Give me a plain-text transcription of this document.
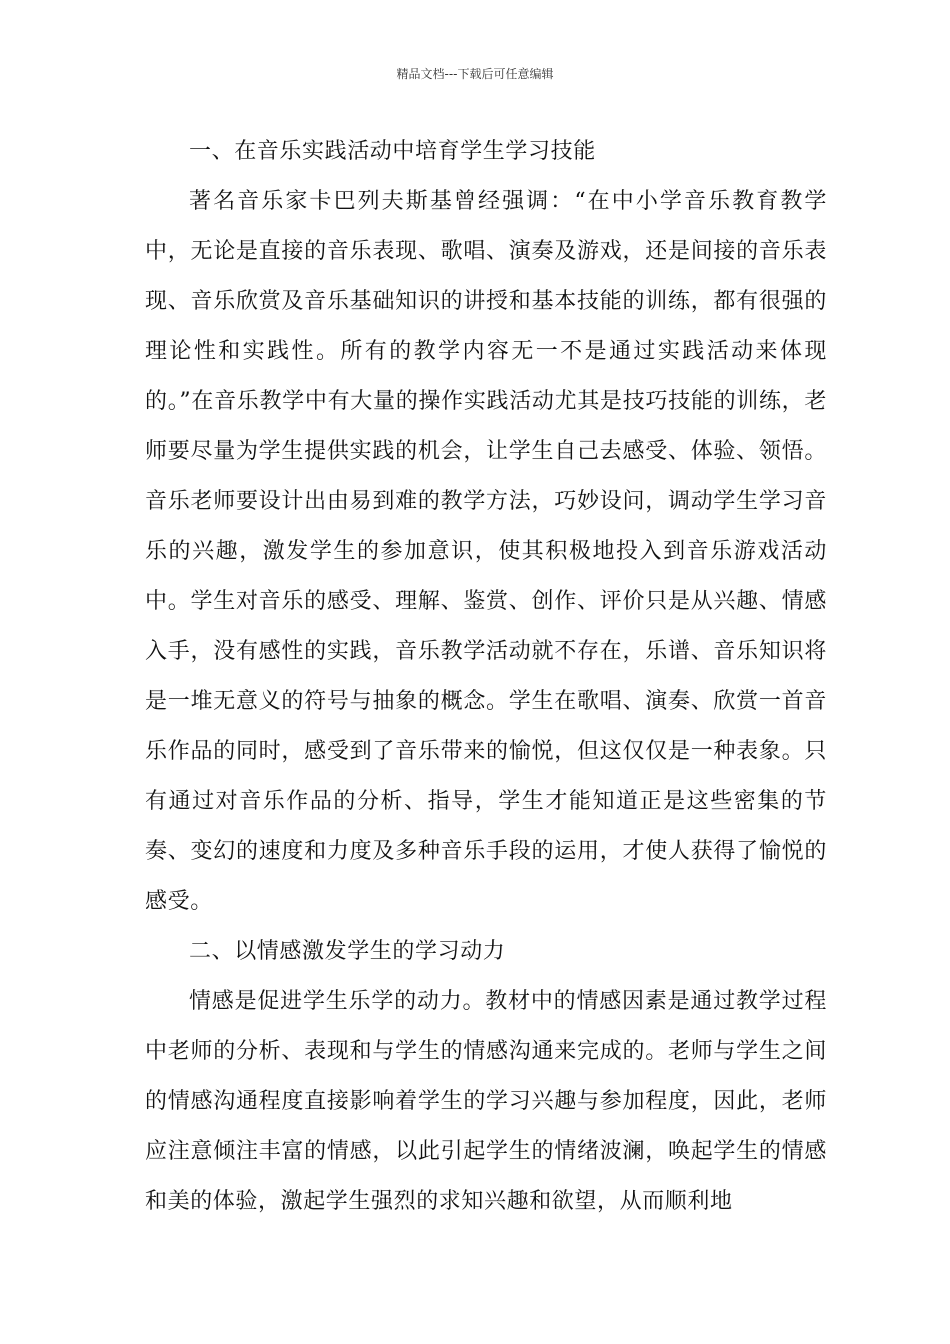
精品文档---下载后可任意编辑

一、在音乐实践活动中培育学生学习技能

著名音乐家卡巴列夫斯基曾经强调：“在中小学音乐教育教学中，无论是直接的音乐表现、歌唱、演奏及游戏，还是间接的音乐表现、音乐欣赏及音乐基础知识的讲授和基本技能的训练，都有很强的理论性和实践性。所有的教学内容无一不是通过实践活动来体现的。”在音乐教学中有大量的操作实践活动尤其是技巧技能的训练，老师要尽量为学生提供实践的机会，让学生自己去感受、体验、领悟。音乐老师要设计出由易到难的教学方法，巧妙设问，调动学生学习音乐的兴趣，激发学生的参加意识，使其积极地投入到音乐游戏活动中。学生对音乐的感受、理解、鉴赏、创作、评价只是从兴趣、情感入手，没有感性的实践，音乐教学活动就不存在，乐谱、音乐知识将是一堆无意义的符号与抽象的概念。学生在歌唱、演奏、欣赏一首音乐作品的同时，感受到了音乐带来的愉悦，但这仅仅是一种表象。只有通过对音乐作品的分析、指导，学生才能知道正是这些密集的节奏、变幻的速度和力度及多种音乐手段的运用，才使人获得了愉悦的感受。

二、以情感激发学生的学习动力

情感是促进学生乐学的动力。教材中的情感因素是通过教学过程中老师的分析、表现和与学生的情感沟通来完成的。老师与学生之间的情感沟通程度直接影响着学生的学习兴趣与参加程度，因此，老师应注意倾注丰富的情感，以此引起学生的情绪波澜，唤起学生的情感和美的体验，激起学生强烈的求知兴趣和欲望，从而顺利地
